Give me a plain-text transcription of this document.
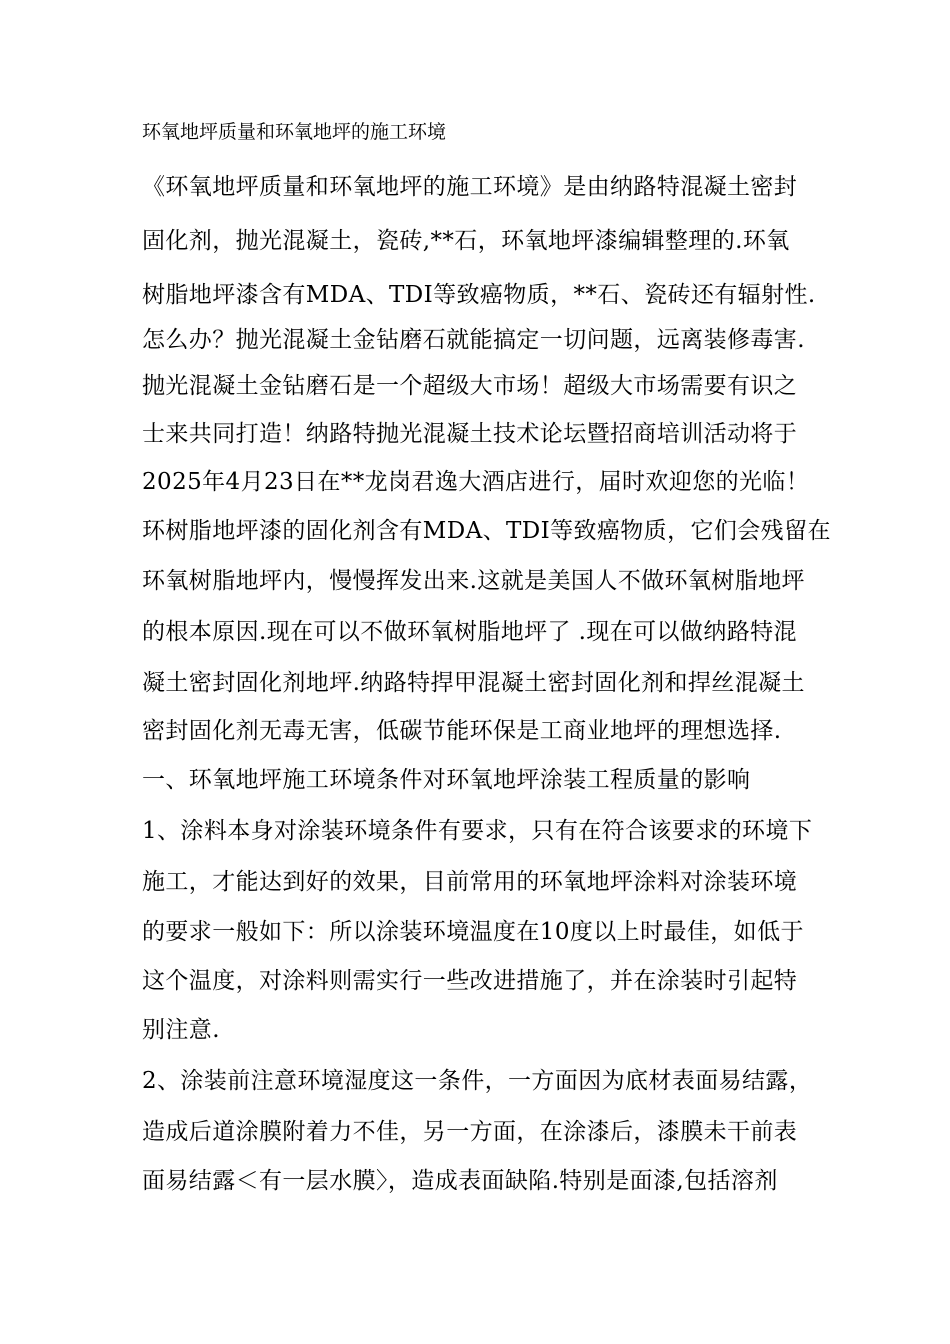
环氧地坪质量和环氧地坪的施工环境
《环氧地坪质量和环氧地坪的施工环境》是由纳路特混凝土密封
固化剂，抛光混凝土，瓷砖,**石，环氧地坪漆编辑整理的.环氧
树脂地坪漆含有MDA、TDI等致癌物质，**石、瓷砖还有辐射性.
怎么办？抛光混凝土金钻磨石就能搞定一切问题，远离装修毒害.
抛光混凝土金钻磨石是一个超级大市场！超级大市场需要有识之
士来共同打造！纳路特抛光混凝土技术论坛暨招商培训活动将于
2025年4月23日在**龙岗君逸大酒店进行，届时欢迎您的光临！
环树脂地坪漆的固化剂含有MDA、TDI等致癌物质，它们会残留在
环氧树脂地坪内，慢慢挥发出来.这就是美国人不做环氧树脂地坪
的根本原因.现在可以不做环氧树脂地坪了 .现在可以做纳路特混
凝土密封固化剂地坪.纳路特捍甲混凝土密封固化剂和捍丝混凝土
密封固化剂无毒无害，低碳节能环保是工商业地坪的理想选择.
一、环氧地坪施工环境条件对环氧地坪涂装工程质量的影响
1、涂料本身对涂装环境条件有要求，只有在符合该要求的环境下
施工，才能达到好的效果，目前常用的环氧地坪涂料对涂装环境
的要求一般如下：所以涂装环境温度在10度以上时最佳，如低于
这个温度，对涂料则需实行一些改进措施了，并在涂装时引起特
别注意.
2、涂装前注意环境湿度这一条件，一方面因为底材表面易结露，
造成后道涂膜附着力不佳，另一方面，在涂漆后，漆膜未干前表
面易结露＜有一层水膜〉，造成表面缺陷.特别是面漆,包括溶剂
